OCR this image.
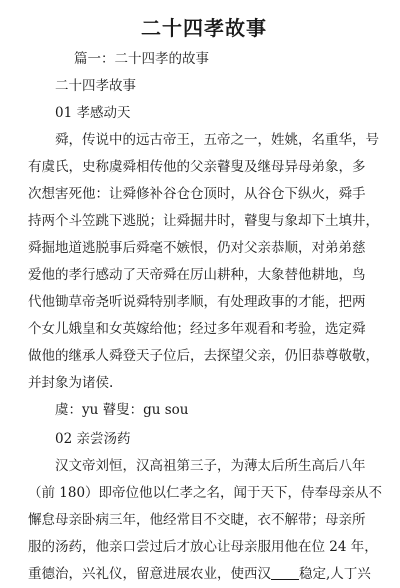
二十四孝故事

篇一：二十四孝的故事

二十四孝故事

01 孝感动天

舜，传说中的远古帝王，五帝之一，姓姚，名重华，号

有虞氏，史称虞舜相传他的父亲瞽叟及继母异母弟象，多

次想害死他：让舜修补谷仓仓顶时，从谷仓下纵火，舜手

持两个斗笠跳下逃脱；让舜掘井时，瞽叟与象却下土填井，

舜掘地道逃脱事后舜毫不嫉恨，仍对父亲恭顺，对弟弟慈

爱他的孝行感动了天帝舜在厉山耕种，大象替他耕地，鸟

代他锄草帝尧听说舜特别孝顺，有处理政事的才能，把两

个女儿娥皇和女英嫁给他；经过多年观看和考验，选定舜

做他的继承人舜登天子位后，去探望父亲，仍旧恭尊敬敬，

并封象为诸侯.

虞：yu 瞽叟：gu sou

02 亲尝汤药

汉文帝刘恒，汉高祖第三子，为薄太后所生高后八年

（前 180）即帝位他以仁孝之名，闻于天下，侍奉母亲从不

懈怠母亲卧病三年，他经常目不交睫，衣不解带；母亲所

服的汤药，他亲口尝过后才放心让母亲服用他在位 24 年，

重德治，兴礼仪，留意进展农业，使西汉 稳定,人丁兴
